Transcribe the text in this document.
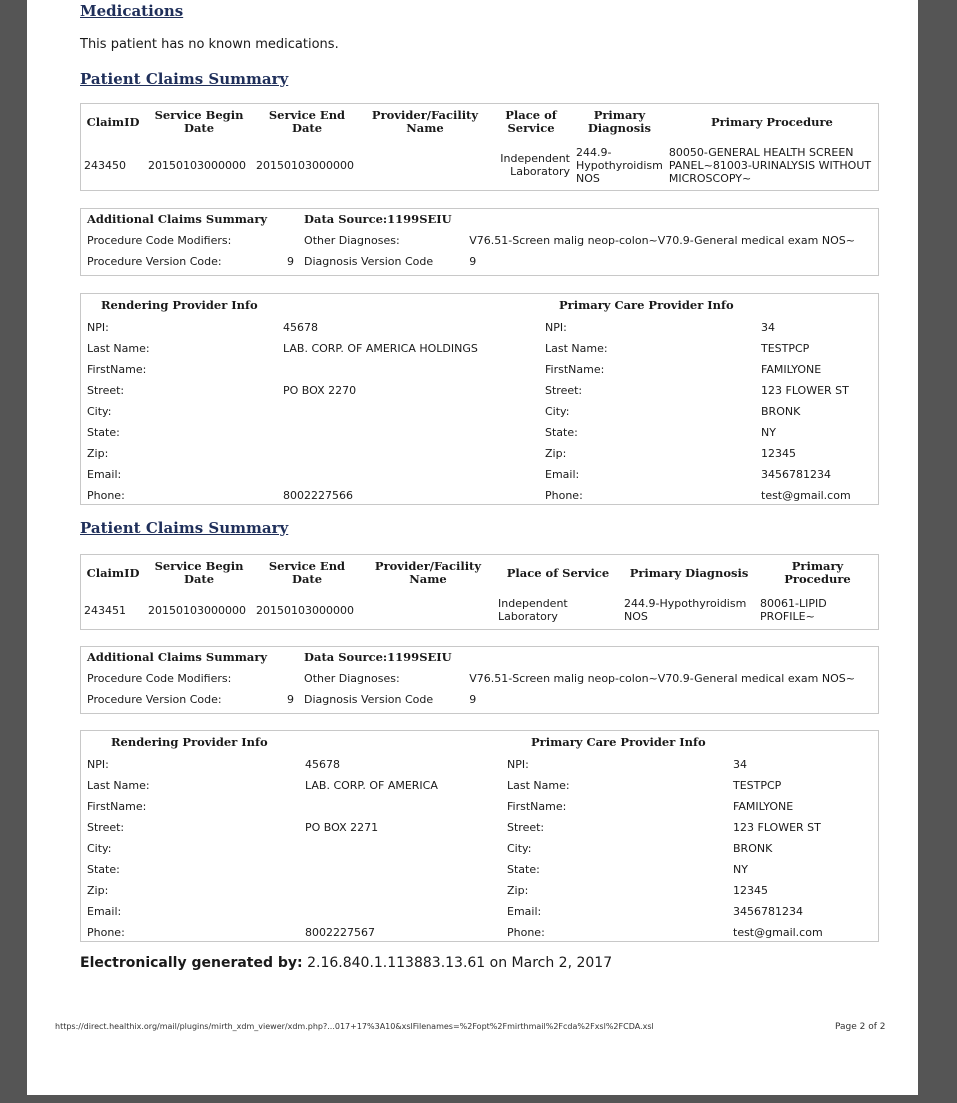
Medications
This patient has no known medications.
Patient Claims Summary
ClaimID	Service Begin Date	Service End Date	Provider/Facility Name	Place of Service	Primary Diagnosis	Primary Procedure
243450	20150103000000	20150103000000		Independent Laboratory	244.9-Hypothyroidism NOS	80050-GENERAL HEALTH SCREEN PANEL~81003-URINALYSIS WITHOUT MICROSCOPY~
Additional Claims Summary		Data Source:1199SEIU	
Procedure Code Modifiers:		Other Diagnoses:	V76.51-Screen malig neop-colon~V70.9-General medical exam NOS~
Procedure Version Code:	9	Diagnosis Version Code	9
Rendering Provider Info		Primary Care Provider Info	
NPI:	45678	NPI:	34
Last Name:	LAB. CORP. OF AMERICA HOLDINGS	Last Name:	TESTPCP
FirstName:		FirstName:	FAMILYONE
Street:	PO BOX 2270	Street:	123 FLOWER ST
City:		City:	BRONK
State:		State:	NY
Zip:		Zip:	12345
Email:		Email:	3456781234
Phone:	8002227566	Phone:	test@gmail.com
Patient Claims Summary
ClaimID	Service Begin Date	Service End Date	Provider/Facility Name	Place of Service	Primary Diagnosis	Primary Procedure
243451	20150103000000	20150103000000		Independent Laboratory	244.9-Hypothyroidism NOS	80061-LIPID PROFILE~
Additional Claims Summary		Data Source:1199SEIU	
Procedure Code Modifiers:		Other Diagnoses:	V76.51-Screen malig neop-colon~V70.9-General medical exam NOS~
Procedure Version Code:	9	Diagnosis Version Code	9
Rendering Provider Info		Primary Care Provider Info	
NPI:	45678	NPI:	34
Last Name:	LAB. CORP. OF AMERICA	Last Name:	TESTPCP
FirstName:		FirstName:	FAMILYONE
Street:	PO BOX 2271	Street:	123 FLOWER ST
City:		City:	BRONK
State:		State:	NY
Zip:		Zip:	12345
Email:		Email:	3456781234
Phone:	8002227567	Phone:	test@gmail.com
Electronically generated by: 2.16.840.1.113883.13.61 on March 2, 2017
https://direct.healthix.org/mail/plugins/mirth_xdm_viewer/xdm.php?...017+17%3A10&xslFilenames=%2Fopt%2Fmirthmail%2Fcda%2Fxsl%2FCDA.xsl	Page 2 of 2
